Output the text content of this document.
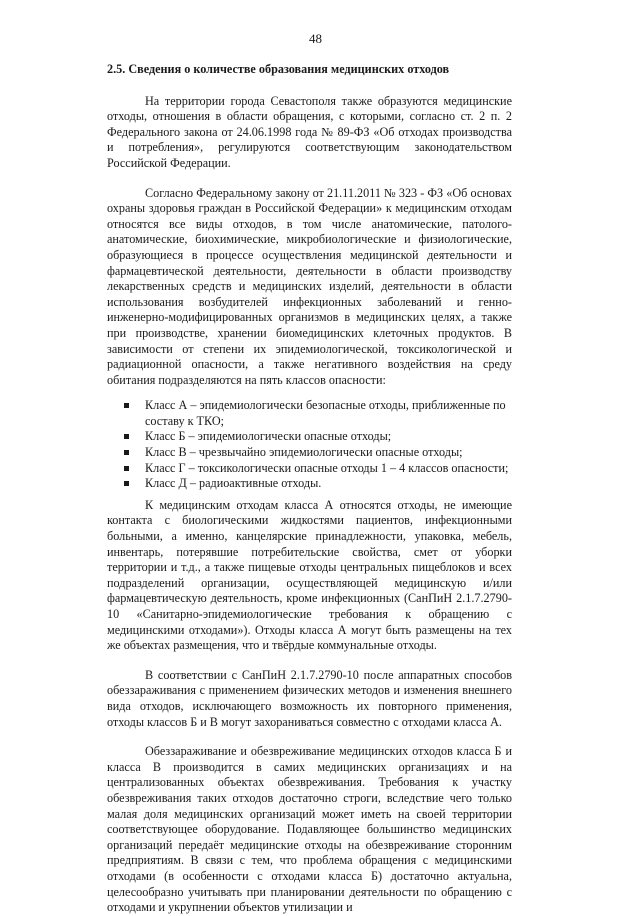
48
2.5. Сведения о количестве образования медицинских отходов

На территории города Севастополя также образуются медицинские отходы, отношения в области обращения, с которыми, согласно ст. 2 п. 2 Федерального закона от 24.06.1998 года № 89-ФЗ «Об отходах производства и потребления», регулируются соответствующим законодательством Российской Федерации.

Согласно Федеральному закону от 21.11.2011 № 323 - ФЗ «Об основах охраны здоровья граждан в Российской Федерации» к медицинским отходам относятся все виды отходов, в том числе анатомические, патолого-анатомические, биохимические, микробиологические и физиологические, образующиеся в процессе осуществления медицинской деятельности и фармацевтической деятельности, деятельности в области производству лекарственных средств и медицинских изделий, деятельности в области использования возбудителей инфекционных заболеваний и генно-инженерно-модифицированных организмов в медицинских целях, а также при производстве, хранении биомедицинских клеточных продуктов. В зависимости от степени их эпидемиологической, токсикологической и радиационной опасности, а также негативного воздействия на среду обитания подразделяются на пять классов опасности:

Класс А – эпидемиологически безопасные отходы, приближенные по составу к ТКО;
Класс Б – эпидемиологически опасные отходы;
Класс В – чрезвычайно эпидемиологически опасные отходы;
Класс Г – токсикологически опасные отходы 1 – 4 классов опасности;
Класс Д – радиоактивные отходы.

К медицинским отходам класса А относятся отходы, не имеющие контакта с биологическими жидкостями пациентов, инфекционными больными, а именно, канцелярские принадлежности, упаковка, мебель, инвентарь, потерявшие потребительские свойства, смет от уборки территории и т.д., а также пищевые отходы центральных пищеблоков и всех подразделений организации, осуществляющей медицинскую и/или фармацевтическую деятельность, кроме инфекционных (СанПиН 2.1.7.2790-10 «Санитарно-эпидемиологические требования к обращению с медицинскими отходами»). Отходы класса А могут быть размещены на тех же объектах размещения, что и твёрдые коммунальные отходы.

В соответствии с СанПиН 2.1.7.2790-10 после аппаратных способов обеззараживания с применением физических методов и изменения внешнего вида отходов, исключающего возможность их повторного применения, отходы классов Б и В могут захораниваться совместно с отходами класса А.

Обеззараживание и обезвреживание медицинских отходов класса Б и класса В производится в самих медицинских организациях и на централизованных объектах обезвреживания. Требования к участку обезвреживания таких отходов достаточно строги, вследствие чего только малая доля медицинских организаций может иметь на своей территории соответствующее оборудование. Подавляющее большинство медицинских организаций передаёт медицинские отходы на обезвреживание сторонним предприятиям. В связи с тем, что проблема обращения с медицинскими отходами (в особенности с отходами класса Б) достаточно актуальна, целесообразно учитывать при планировании деятельности по обращению с отходами и укрупнении объектов утилизации и
